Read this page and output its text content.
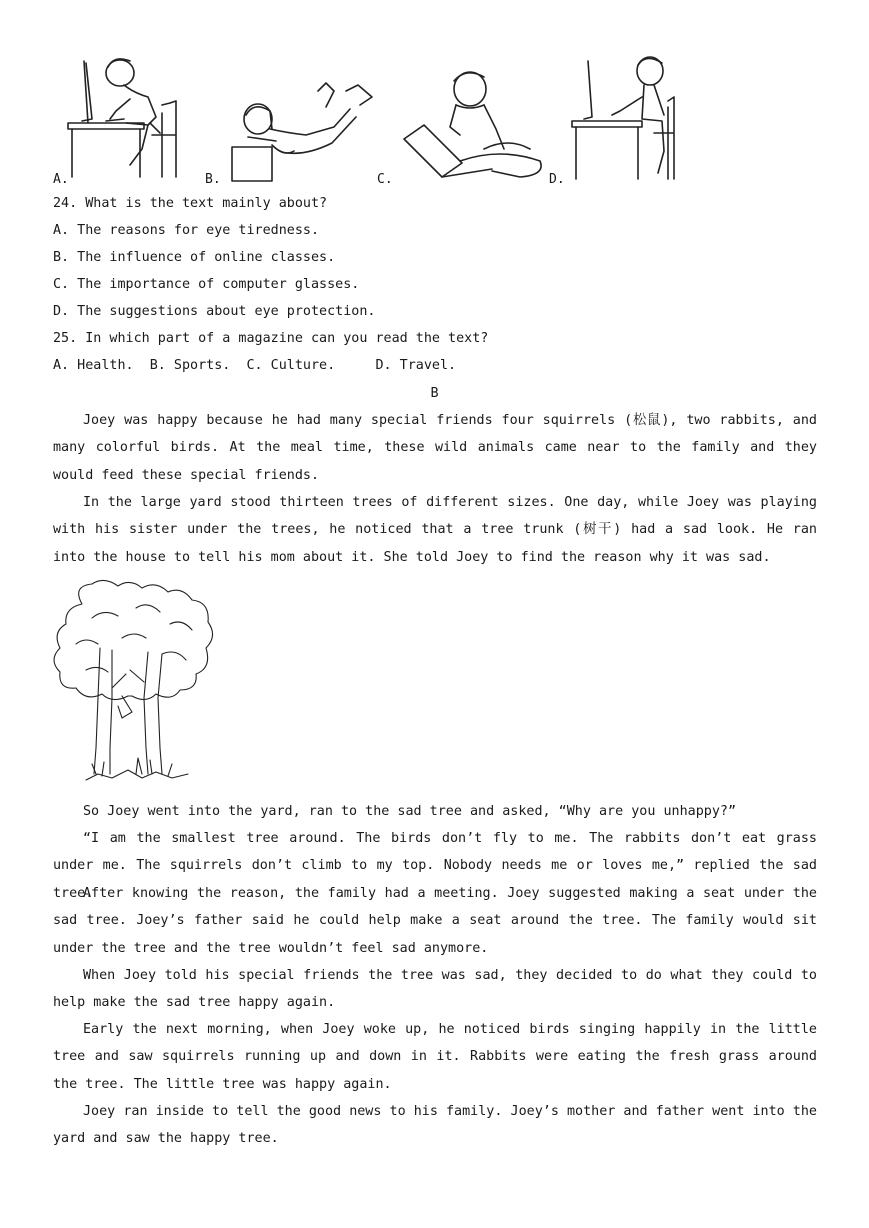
A.	B.	C.	D.
24. What is the text mainly about?
A. The reasons for eye tiredness.
B. The influence of online classes.
C. The importance of computer glasses.
D. The suggestions about eye protection.
25. In which part of a magazine can you read the text?
A. Health.  B. Sports.  C. Culture.     D. Travel.
B
Joey was happy because he had many special friends four squirrels (松鼠), two rabbits, and many colorful birds. At the meal time, these wild animals came near to the family and they would feed these special friends.
In the large yard stood thirteen trees of different sizes. One day, while Joey was playing with his sister under the trees, he noticed that a tree trunk (树干) had a sad look. He ran into the house to tell his mom about it. She told Joey to find the reason why it was sad.
So Joey went into the yard, ran to the sad tree and asked, “Why are you unhappy?”
“I am the smallest tree around. The birds don’t fly to me. The rabbits don’t eat grass under me. The squirrels don’t climb to my top. Nobody needs me or loves me,” replied the sad tree.
After knowing the reason, the family had a meeting. Joey suggested making a seat under the sad tree. Joey’s father said he could help make a seat around the tree. The family would sit under the tree and the tree wouldn’t feel sad anymore.
When Joey told his special friends the tree was sad, they decided to do what they could to help make the sad tree happy again.
Early the next morning, when Joey woke up, he noticed birds singing happily in the little tree and saw squirrels running up and down in it. Rabbits were eating the fresh grass around the tree. The little tree was happy again.
Joey ran inside to tell the good news to his family. Joey’s mother and father went into the yard and saw the happy tree.
